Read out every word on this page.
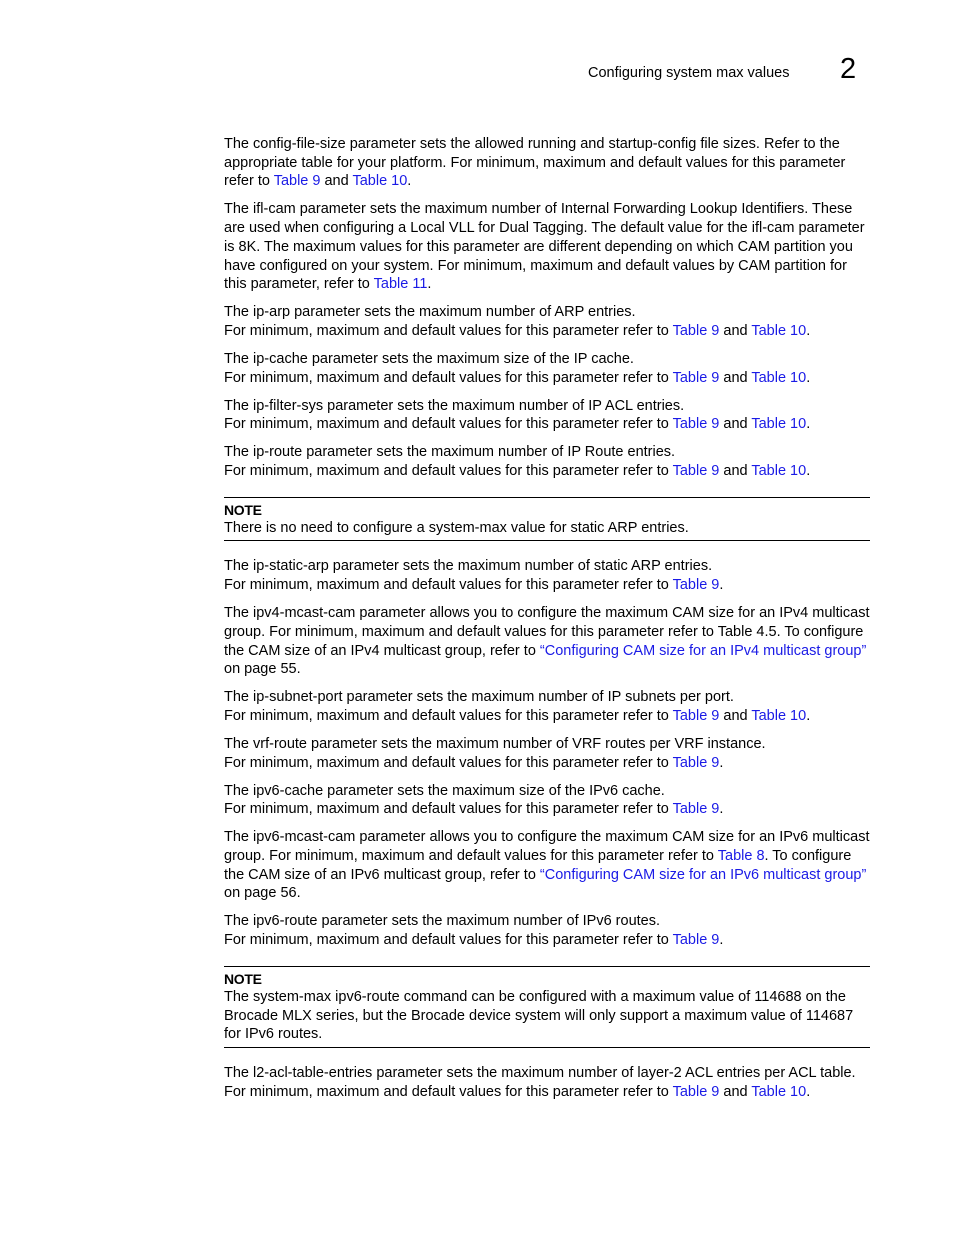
Configuring system max values 2

The config-file-size parameter sets the allowed running and startup-config file sizes. Refer to the appropriate table for your platform. For minimum, maximum and default values for this parameter refer to Table 9 and Table 10.

The ifl-cam parameter sets the maximum number of Internal Forwarding Lookup Identifiers. These are used when configuring a Local VLL for Dual Tagging. The default value for the ifl-cam parameter is 8K. The maximum values for this parameter are different depending on which CAM partition you have configured on your system. For minimum, maximum and default values by CAM partition for this parameter, refer to Table 11.

The ip-arp parameter sets the maximum number of ARP entries.
For minimum, maximum and default values for this parameter refer to Table 9 and Table 10.

The ip-cache parameter sets the maximum size of the IP cache.
For minimum, maximum and default values for this parameter refer to Table 9 and Table 10.

The ip-filter-sys parameter sets the maximum number of IP ACL entries.
For minimum, maximum and default values for this parameter refer to Table 9 and Table 10.

The ip-route parameter sets the maximum number of IP Route entries.
For minimum, maximum and default values for this parameter refer to Table 9 and Table 10.

NOTE
There is no need to configure a system-max value for static ARP entries.

The ip-static-arp parameter sets the maximum number of static ARP entries.
For minimum, maximum and default values for this parameter refer to Table 9.

The ipv4-mcast-cam parameter allows you to configure the maximum CAM size for an IPv4 multicast group. For minimum, maximum and default values for this parameter refer to Table 4.5. To configure the CAM size of an IPv4 multicast group, refer to “Configuring CAM size for an IPv4 multicast group” on page 55.

The ip-subnet-port parameter sets the maximum number of IP subnets per port.
For minimum, maximum and default values for this parameter refer to Table 9 and Table 10.

The vrf-route parameter sets the maximum number of VRF routes per VRF instance.
For minimum, maximum and default values for this parameter refer to Table 9.

The ipv6-cache parameter sets the maximum size of the IPv6 cache.
For minimum, maximum and default values for this parameter refer to Table 9.

The ipv6-mcast-cam parameter allows you to configure the maximum CAM size for an IPv6 multicast group. For minimum, maximum and default values for this parameter refer to Table 8. To configure the CAM size of an IPv6 multicast group, refer to “Configuring CAM size for an IPv6 multicast group” on page 56.

The ipv6-route parameter sets the maximum number of IPv6 routes.
For minimum, maximum and default values for this parameter refer to Table 9.

NOTE
The system-max ipv6-route command can be configured with a maximum value of 114688 on the Brocade MLX series, but the Brocade device system will only support a maximum value of 114687 for IPv6 routes.

The l2-acl-table-entries parameter sets the maximum number of layer-2 ACL entries per ACL table.
For minimum, maximum and default values for this parameter refer to Table 9 and Table 10.
